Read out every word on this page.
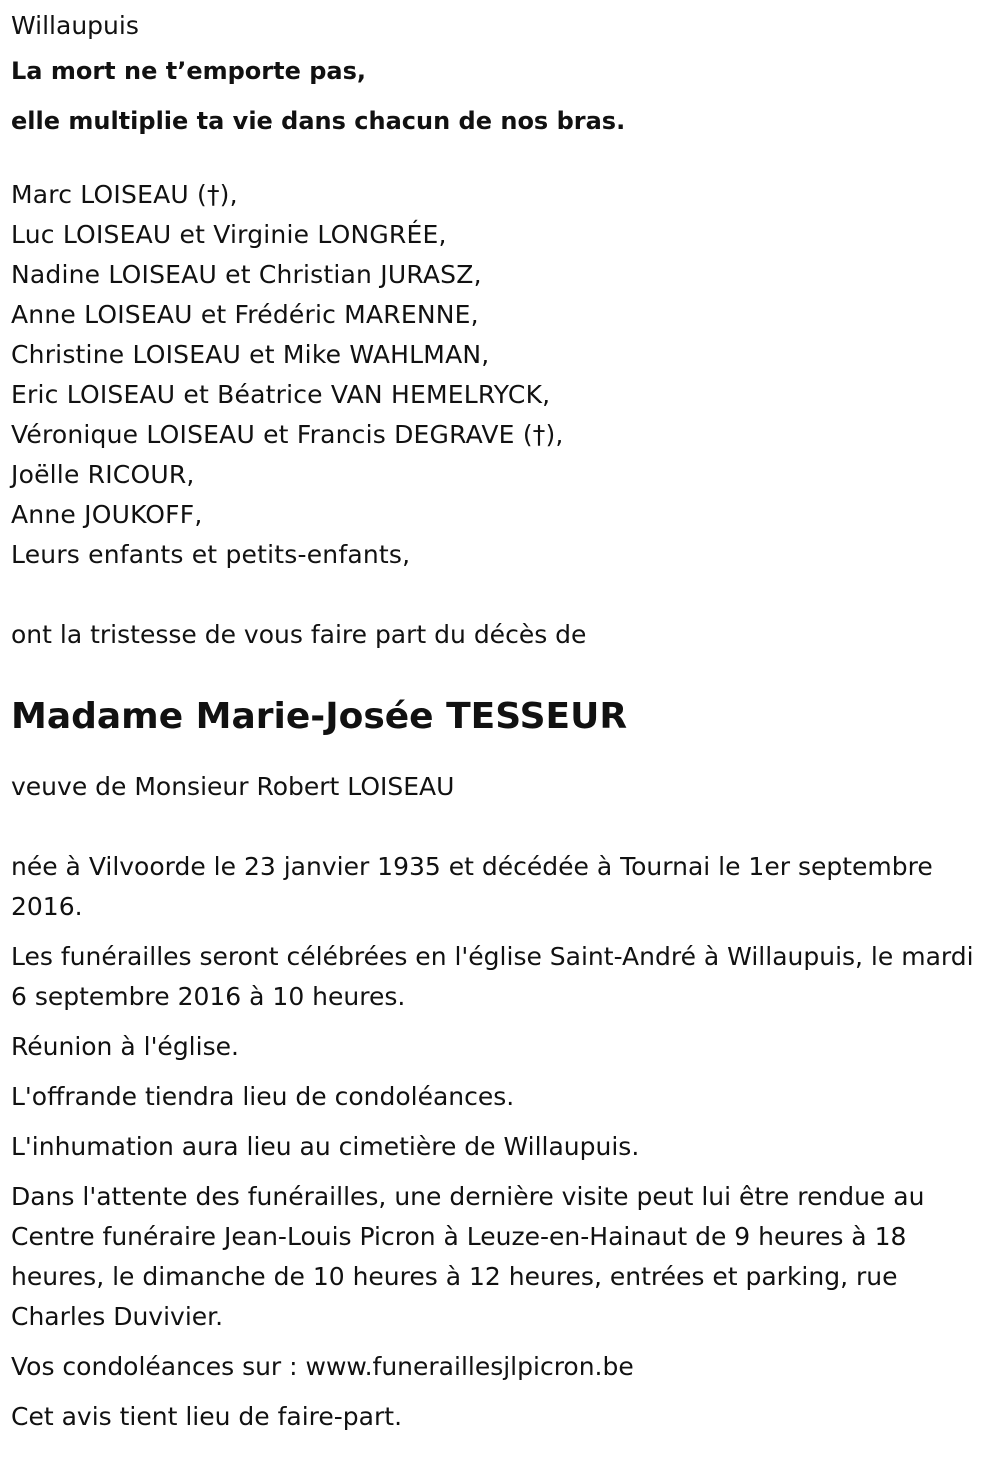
Willaupuis

La mort ne t’emporte pas,

elle multiplie ta vie dans chacun de nos bras.

Marc LOISEAU (†),
Luc LOISEAU et Virginie LONGRÉE,
Nadine LOISEAU et Christian JURASZ,
Anne LOISEAU et Frédéric MARENNE,
Christine LOISEAU et Mike WAHLMAN,
Eric LOISEAU et Béatrice VAN HEMELRYCK,
Véronique LOISEAU et Francis DEGRAVE (†),
Joëlle RICOUR,
Anne JOUKOFF,
Leurs enfants et petits-enfants,

ont la tristesse de vous faire part du décès de

Madame Marie-Josée TESSEUR

veuve de Monsieur Robert LOISEAU

née à Vilvoorde le 23 janvier 1935 et décédée à Tournai le 1er septembre 2016.

Les funérailles seront célébrées en l'église Saint-André à Willaupuis, le mardi 6 septembre 2016 à 10 heures.

Réunion à l'église.

L'offrande tiendra lieu de condoléances.

L'inhumation aura lieu au cimetière de Willaupuis.

Dans l'attente des funérailles, une dernière visite peut lui être rendue au Centre funéraire Jean-Louis Picron à Leuze-en-Hainaut de 9 heures à 18 heures, le dimanche de 10 heures à 12 heures, entrées et parking, rue Charles Duvivier.

Vos condoléances sur : www.funeraillesjlpicron.be

Cet avis tient lieu de faire-part.
